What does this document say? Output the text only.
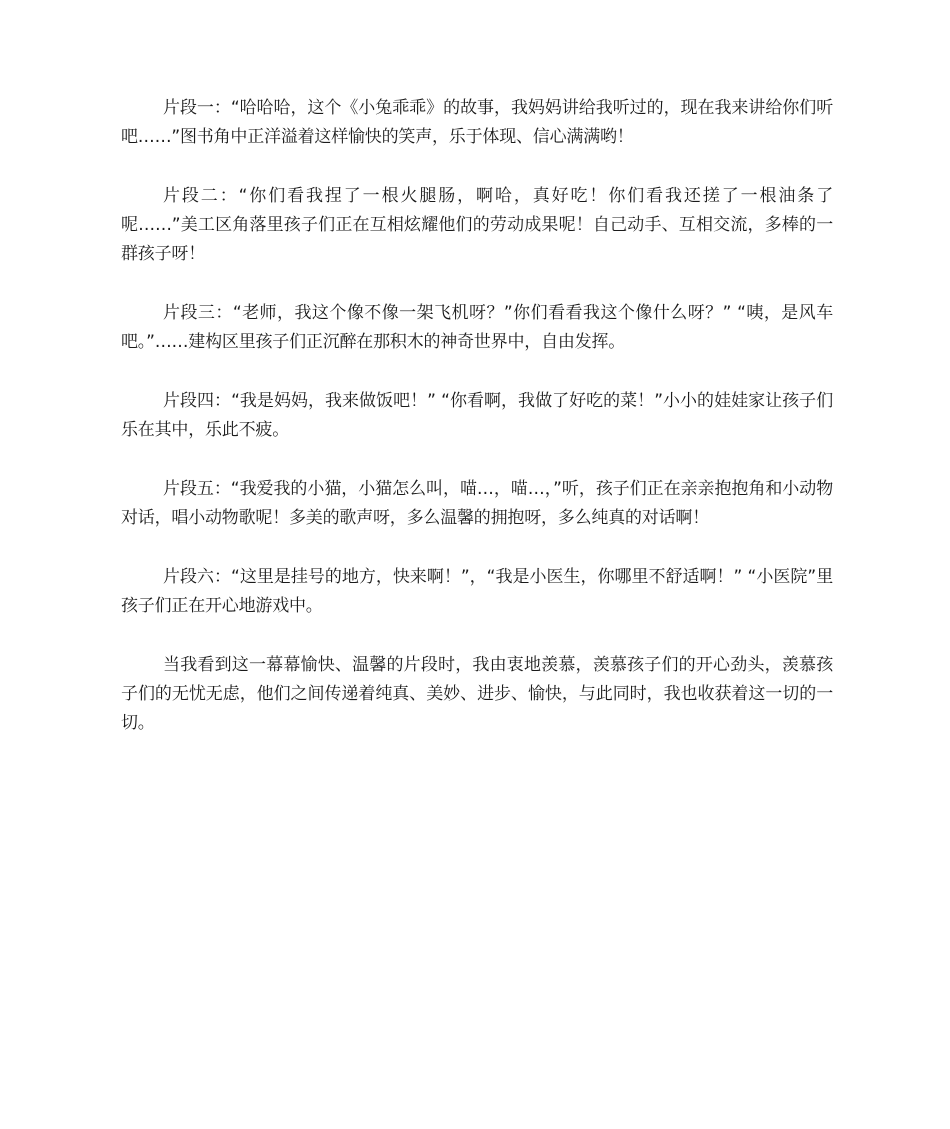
片段一：“哈哈哈，这个《小兔乖乖》的故事，我妈妈讲给我听过的，现在我来讲给你们听吧……”图书角中正洋溢着这样愉快的笑声，乐于体现、信心满满哟！

片段二：“你们看我捏了一根火腿肠，啊哈，真好吃！你们看我还搓了一根油条了呢……”美工区角落里孩子们正在互相炫耀他们的劳动成果呢！自己动手、互相交流，多棒的一群孩子呀！

片段三：“老师，我这个像不像一架飞机呀？”你们看看我这个像什么呀？” “咦，是风车吧。”……建构区里孩子们正沉醉在那积木的神奇世界中，自由发挥。

片段四：“我是妈妈，我来做饭吧！” “你看啊，我做了好吃的菜！”小小的娃娃家让孩子们乐在其中，乐此不疲。

片段五：“我爱我的小猫，小猫怎么叫，喵…，喵…，”听，孩子们正在亲亲抱抱角和小动物对话，唱小动物歌呢！多美的歌声呀，多么温馨的拥抱呀，多么纯真的对话啊！

片段六：“这里是挂号的地方，快来啊！”，“我是小医生，你哪里不舒适啊！” “小医院”里孩子们正在开心地游戏中。

当我看到这一幕幕愉快、温馨的片段时，我由衷地羡慕，羡慕孩子们的开心劲头，羡慕孩子们的无忧无虑，他们之间传递着纯真、美妙、进步、愉快，与此同时，我也收获着这一切的一切。
